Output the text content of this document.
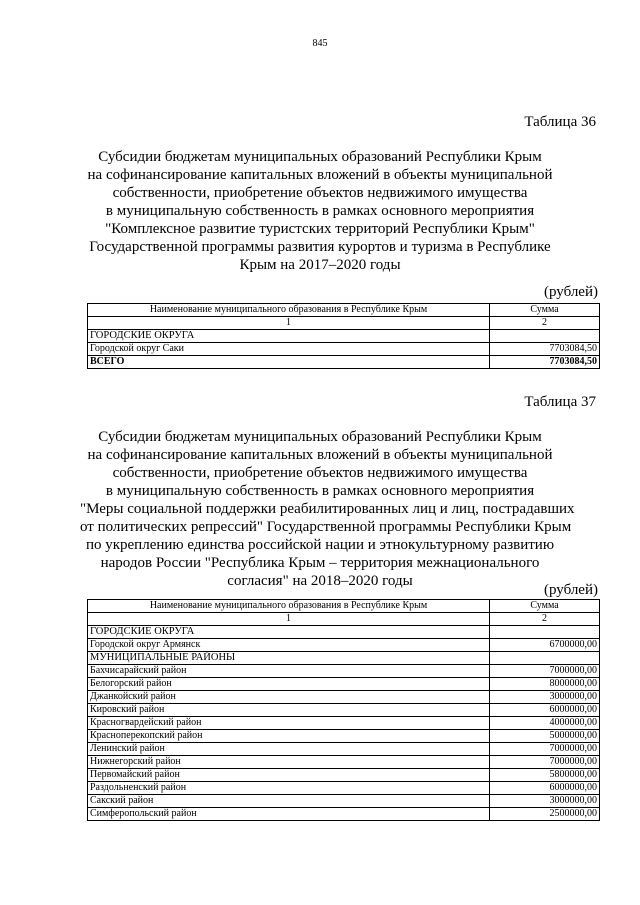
845
Таблица 36
Субсидии бюджетам муниципальных образований Республики Крым
на софинансирование капитальных вложений в объекты муниципальной
собственности, приобретение объектов недвижимого имущества
в муниципальную собственность в рамках основного мероприятия
"Комплексное развитие туристских территорий Республики Крым"
Государственной программы развития курортов и туризма в Республике
Крым на 2017–2020 годы
(рублей)
Наименование муниципального образования в Республике Крым	Сумма
1	2
ГОРОДСКИЕ ОКРУГА	
Городской округ Саки	7703084,50
ВСЕГО	7703084,50
Таблица 37
Субсидии бюджетам муниципальных образований Республики Крым
на софинансирование капитальных вложений в объекты муниципальной
собственности, приобретение объектов недвижимого имущества
в муниципальную собственность в рамках основного мероприятия
"Меры социальной поддержки реабилитированных лиц и лиц, пострадавших
от политических репрессий" Государственной программы Республики Крым
по укреплению единства российской нации и этнокультурному развитию
народов России "Республика Крым – территория межнационального
согласия" на 2018–2020 годы
(рублей)
Наименование муниципального образования в Республике Крым	Сумма
1	2
ГОРОДСКИЕ ОКРУГА	
Городской округ Армянск	6700000,00
МУНИЦИПАЛЬНЫЕ РАЙОНЫ	
Бахчисарайский район	7000000,00
Белогорский район	8000000,00
Джанкойский район	3000000,00
Кировский район	6000000,00
Красногвардейский район	4000000,00
Красноперекопский район	5000000,00
Ленинский район	7000000,00
Нижнегорский район	7000000,00
Первомайский район	5800000,00
Раздольненский район	6000000,00
Сакский район	3000000,00
Симферопольский район	2500000,00
